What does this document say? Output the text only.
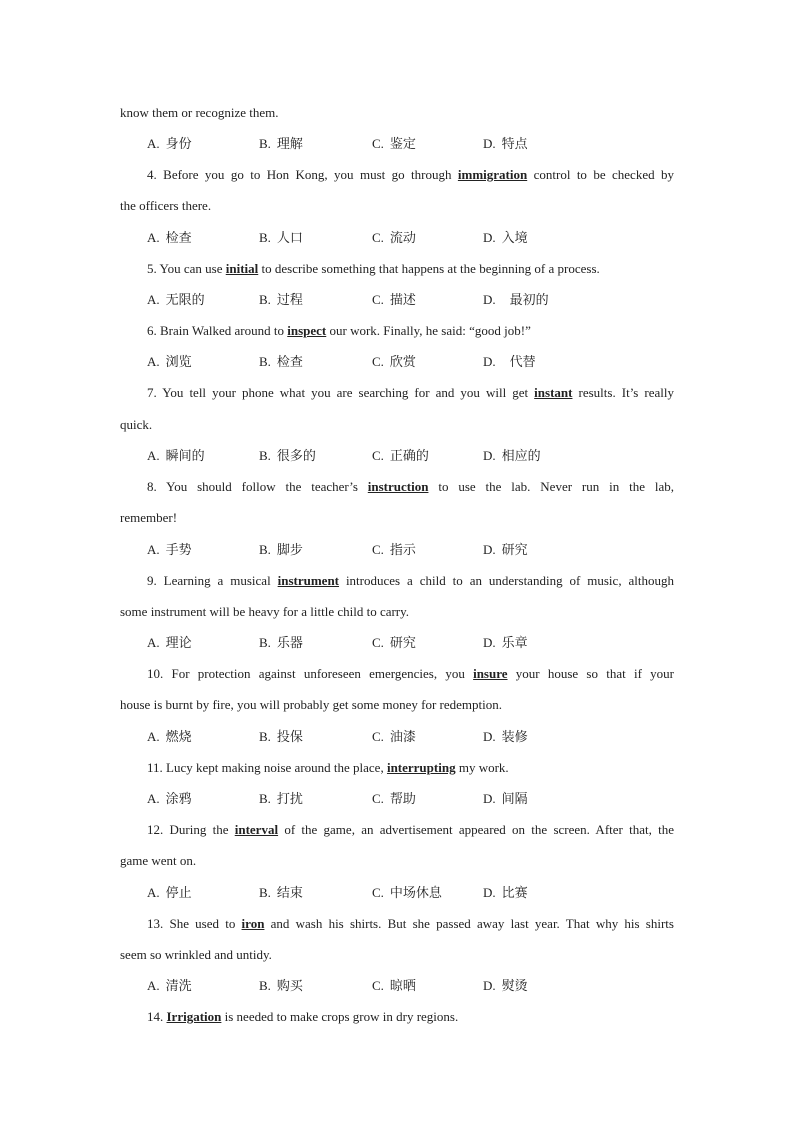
know them or recognize them.
A. 身份	B. 理解	C. 鉴定	D. 特点
4. Before you go to Hon Kong, you must go through immigration control to be checked by
the officers there.
A. 检查	B. 人口	C. 流动	D. 入境
5. You can use initial to describe something that happens at the beginning of a process.
A. 无限的	B. 过程	C. 描述	D. 最初的
6. Brain Walked around to inspect our work. Finally, he said: “good job!”
A. 浏览	B. 检查	C. 欣赏	D. 代替
7. You tell your phone what you are searching for and you will get instant results. It’s really
quick.
A. 瞬间的	B. 很多的	C. 正确的	D. 相应的
8. You should follow the teacher’s instruction to use the lab. Never run in the lab,
remember!
A. 手势	B. 脚步	C. 指示	D. 研究
9. Learning a musical instrument introduces a child to an understanding of music, although
some instrument will be heavy for a little child to carry.
A. 理论	B. 乐器	C. 研究	D. 乐章
10. For protection against unforeseen emergencies, you insure your house so that if your
house is burnt by fire, you will probably get some money for redemption.
A. 燃烧	B. 投保	C. 油漆	D. 装修
11. Lucy kept making noise around the place, interrupting my work.
A. 涂鸦	B. 打扰	C. 帮助	D. 间隔
12. During the interval of the game, an advertisement appeared on the screen. After that, the
game went on.
A. 停止	B. 结束	C. 中场休息	D. 比赛
13. She used to iron and wash his shirts. But she passed away last year. That why his shirts
seem so wrinkled and untidy.
A. 清洗	B. 购买	C. 晾晒	D. 熨烫
14. Irrigation is needed to make crops grow in dry regions.
